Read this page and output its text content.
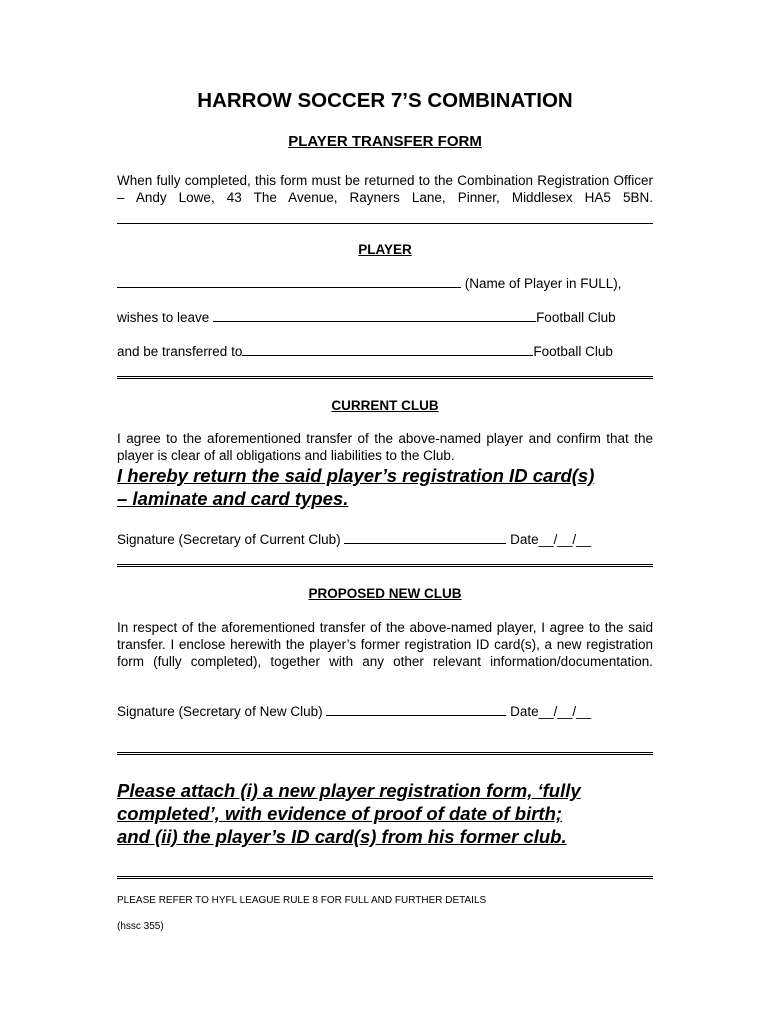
HARROW SOCCER 7’S COMBINATION
PLAYER TRANSFER FORM
When fully completed, this form must be returned to the Combination Registration Officer – Andy Lowe, 43 The Avenue, Rayners Lane, Pinner, Middlesex HA5 5BN.
PLAYER
(Name of Player in FULL),
wishes to leave	Football Club
and be transferred to	Football Club
CURRENT CLUB
I agree to the aforementioned transfer of the above-named player and confirm that the player is clear of all obligations and liabilities to the Club.
I hereby return the said player’s registration ID card(s)
– laminate and card types.
Signature (Secretary of Current Club)	Date__/__/__
PROPOSED NEW CLUB
In respect of the aforementioned transfer of the above-named player, I agree to the said transfer. I enclose herewith the player’s former registration ID card(s), a new registration form (fully completed), together with any other relevant information/documentation.
Signature (Secretary of New Club)	Date__/__/__
Please attach (i) a new player registration form, ‘fully
completed’, with evidence of proof of date of birth;
and (ii) the player’s ID card(s) from his former club.
PLEASE REFER TO HYFL LEAGUE RULE 8 FOR FULL AND FURTHER DETAILS
(hssc 355)
